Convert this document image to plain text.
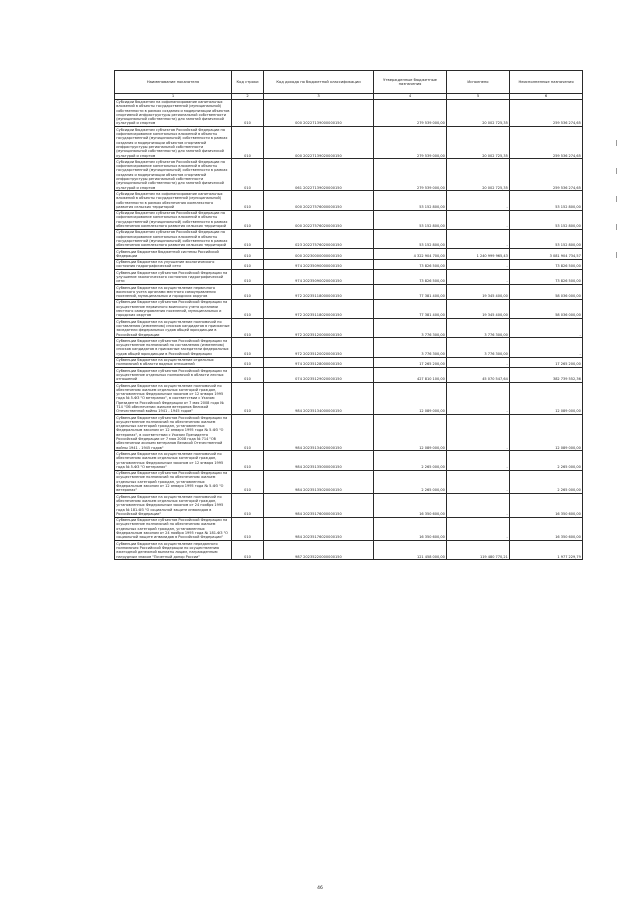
Наименование показателя	Код строки	Код дохода по бюджетной классификации	Утвержденные бюджетные назначения	Исполнено	Неисполненные назначения
1	2	3	4	5	6
Субсидии бюджетам на софинансирование капитальных вложений в объекты государственной (муниципальной) собственности в рамках создания и модернизации объектов спортивной инфраструктуры региональной собственности (муниципальной собственности) для занятий физической культурой и спортом	010	000 20227139000000150	279 539 000,00	20 002 725,35	259 536 274,65
Субсидии бюджетам субъектов Российской Федерации на софинансирование капитальных вложений в объекты государственной (муниципальной) собственности в рамках создания и модернизации объектов спортивной инфраструктуры региональной собственности (муниципальной собственности) для занятий физической культурой и спортом	010	000 20227139020000150	279 539 000,00	20 002 725,35	259 536 274,65
Субсидии бюджетам субъектов Российской Федерации на софинансирование капитальных вложений в объекты государственной (муниципальной) собственности в рамках создания и модернизации объектов спортивной инфраструктуры региональной собственности (муниципальной собственности) для занятий физической культурой и спортом	010	061 20227139020000150	279 539 000,00	20 002 725,35	259 536 274,65
Субсидии бюджетам на софинансирование капитальных вложений в объекты государственной (муниципальной) собственности в рамках обеспечения комплексного развития сельских территорий	010	000 20227576000000150	53 152 800,00	-	53 152 800,00
Субсидии бюджетам субъектов Российской Федерации на софинансирование капитальных вложений в объекты государственной (муниципальной) собственности в рамках обеспечения комплексного развития сельских территорий	010	000 20227576020000150	53 152 800,00	-	53 152 800,00
Субсидии бюджетам субъектов Российской Федерации на софинансирование капитальных вложений в объекты государственной (муниципальной) собственности в рамках обеспечения комплексного развития сельских территорий	010	023 20227576020000150	53 152 800,00	-	53 152 800,00
Субвенции бюджетам бюджетной системы Российской Федерации	010	000 20230000000000150	4 322 904 700,00	1 240 999 965,43	3 081 904 734,57
Субвенции бюджетам на улучшение экологического состояния гидрографической сети	010	974 20235090000000150	73 826 500,00	-	73 826 500,00
Субвенции бюджетам субъектов Российской Федерации на улучшение экологического состояния гидрографической сети	010	974 20235090020000150	73 826 500,00	-	73 826 500,00
Субвенции бюджетам на осуществление первичного воинского учета органами местного самоуправления поселений, муниципальных и городских округов	010	972 20235118000000150	77 381 400,00	19 345 400,00	58 036 000,00
Субвенции бюджетам субъектов Российской Федерации на осуществление первичного воинского учета органами местного самоуправления поселений, муниципальных и городских округов	010	972 20235118020000150	77 381 400,00	19 345 400,00	58 036 000,00
Субвенции бюджетам на осуществление полномочий по составлению (изменению) списков кандидатов в присяжные заседатели федеральных судов общей юрисдикции в Российской Федерации	010	972 20235120000000150	3 776 300,00	3 776 300,00	-
Субвенции бюджетам субъектов Российской Федерации на осуществление полномочий по составлению (изменению) списков кандидатов в присяжные заседатели федеральных судов общей юрисдикции в Российской Федерации	010	972 20235120020000150	3 776 300,00	3 776 300,00	-
Субвенции бюджетам на осуществление отдельных полномочий в области водных отношений	010	974 20235128000000150	17 265 200,00	-	17 265 200,00
Субвенции бюджетам субъектов Российской Федерации на осуществление отдельных полномочий в области лесных отношений	010	074 20235129020000150	427 810 100,00	45 070 547,64	382 739 552,36
Субвенции бюджетам на осуществление полномочий по обеспечению жильем отдельных категорий граждан, установленных Федеральным законом от 12 января 1995 года № 5-ФЗ "О ветеранах", в соответствии с Указом Президента Российской Федерации от 7 мая 2008 года № 714 "Об обеспечении жильем ветеранов Великой Отечественной войны 1941 - 1945 годов"	010	984 20235134000000150	12 089 000,00	-	12 089 000,00
Субвенции бюджетам субъектов Российской Федерации на осуществление полномочий по обеспечению жильем отдельных категорий граждан, установленных Федеральным законом от 12 января 1995 года № 5-ФЗ "О ветеранах", в соответствии с Указом Президента Российской Федерации от 7 мая 2008 года № 714 "Об обеспечении жильем ветеранов Великой Отечественной войны 1941 - 1945 годов"	010	984 20235134020000150	12 089 000,00	-	12 089 000,00
Субвенции бюджетам на осуществление полномочий по обеспечению жильем отдельных категорий граждан, установленных Федеральным законом от 12 января 1995 года № 5-ФЗ "О ветеранах"	010	984 20235135000000150	2 265 000,00	-	2 265 000,00
Субвенции бюджетам субъектов Российской Федерации на осуществление полномочий по обеспечению жильем отдельных категорий граждан, установленных Федеральным законом от 12 января 1995 года № 5-ФЗ "О ветеранах"	010	984 20235135020000150	2 265 000,00	-	2 265 000,00
Субвенции бюджетам на осуществление полномочий по обеспечению жильем отдельных категорий граждан, установленных Федеральным законом от 24 ноября 1995 года № 181-ФЗ "О социальной защите инвалидов в Российской Федерации"	010	984 20235176000000150	16 350 600,00	-	16 350 600,00
Субвенции бюджетам субъектов Российской Федерации на осуществление полномочий по обеспечению жильем отдельных категорий граждан, установленных Федеральным законом от 24 ноября 1995 года № 181-ФЗ "О социальной защите инвалидов в Российской Федерации"	010	984 20235176020000150	16 350 600,00	-	16 350 600,00
Субвенции бюджетам на осуществление переданного полномочия Российской Федерации по осуществлению ежегодной денежной выплаты лицам, награжденным нагрудным знаком "Почетный донор России"	010	987 20235220000000150	121 458 000,00	119 480 770,21	1 977 229,79
46
